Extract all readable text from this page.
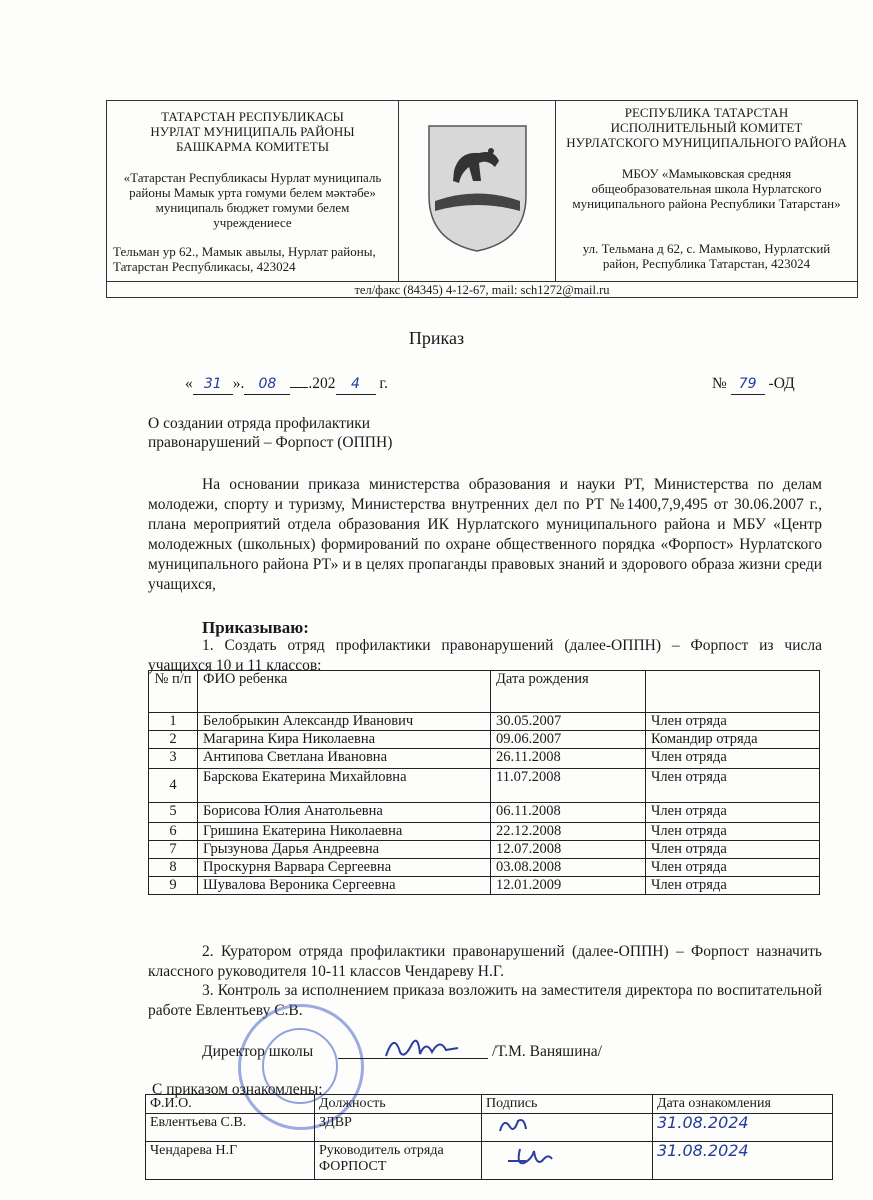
ТАТАРСТАН РЕСПУБЛИКАСЫ
НУРЛАТ МУНИЦИПАЛЬ РАЙОНЫ
БАШКАРМА КОМИТЕТЫ
«Татарстан Республикасы Нурлат муниципаль районы Мамык урта гомуми белем мәктәбе» муниципаль бюджет гомуми белем учреждениесе
Тельман ур 62., Мамык авылы, Нурлат районы, Татарстан Республикасы, 423024
РЕСПУБЛИКА ТАТАРСТАН
ИСПОЛНИТЕЛЬНЫЙ КОМИТЕТ
НУРЛАТСКОГО МУНИЦИПАЛЬНОГО РАЙОНА
МБОУ «Мамыковская средняя общеобразовательная школа Нурлатского муниципального района Республики Татарстан»
ул. Тельмана д 62, с. Мамыково, Нурлатский район, Республика Татарстан, 423024
тел/факс (84345) 4-12-67, mail: sch1272@mail.ru
Приказ
« 31 ». 08 .202 4 г.	№ 79 -ОД
О создании отряда профилактики
правонарушений – Форпост (ОППН)
На основании приказа министерства образования и науки РТ, Министерства по делам молодежи, спорту и туризму, Министерства внутренних дел по РТ №1400,7,9,495 от 30.06.2007 г., плана мероприятий отдела образования ИК Нурлатского муниципального района и МБУ «Центр молодежных (школьных) формирований по охране общественного порядка «Форпост» Нурлатского муниципального района РТ» и в целях пропаганды правовых знаний и здорового образа жизни среди учащихся,
Приказываю:
1. Создать отряд профилактики правонарушений (далее-ОППН) – Форпост из числа учащихся 10 и 11 классов:
№ п/п	ФИО ребенка	Дата рождения	
1	Белобрыкин Александр Иванович	30.05.2007	Член отряда
2	Магарина Кира Николаевна	09.06.2007	Командир отряда
3	Антипова Светлана Ивановна	26.11.2008	Член отряда
4	Барскова Екатерина Михайловна	11.07.2008	Член отряда
5	Борисова Юлия Анатольевна	06.11.2008	Член отряда
6	Гришина Екатерина Николаевна	22.12.2008	Член отряда
7	Грызунова Дарья Андреевна	12.07.2008	Член отряда
8	Проскурня Варвара Сергеевна	03.08.2008	Член отряда
9	Шувалова Вероника Сергеевна	12.01.2009	Член отряда
2. Куратором отряда профилактики правонарушений (далее-ОППН) – Форпост назначить классного руководителя 10-11 классов Чендареву Н.Г.
3. Контроль за исполнением приказа возложить на заместителя директора по воспитательной работе Евлентьеву С.В.
Директор школы	/Т.М. Ваняшина/
С приказом ознакомлены:
Ф.И.О.	Должность	Подпись	Дата ознакомления
Евлентьева С.В.	ЗДВР		31.08.2024
Чендарева Н.Г	Руководитель отряда ФОРПОСТ		31.08.2024
